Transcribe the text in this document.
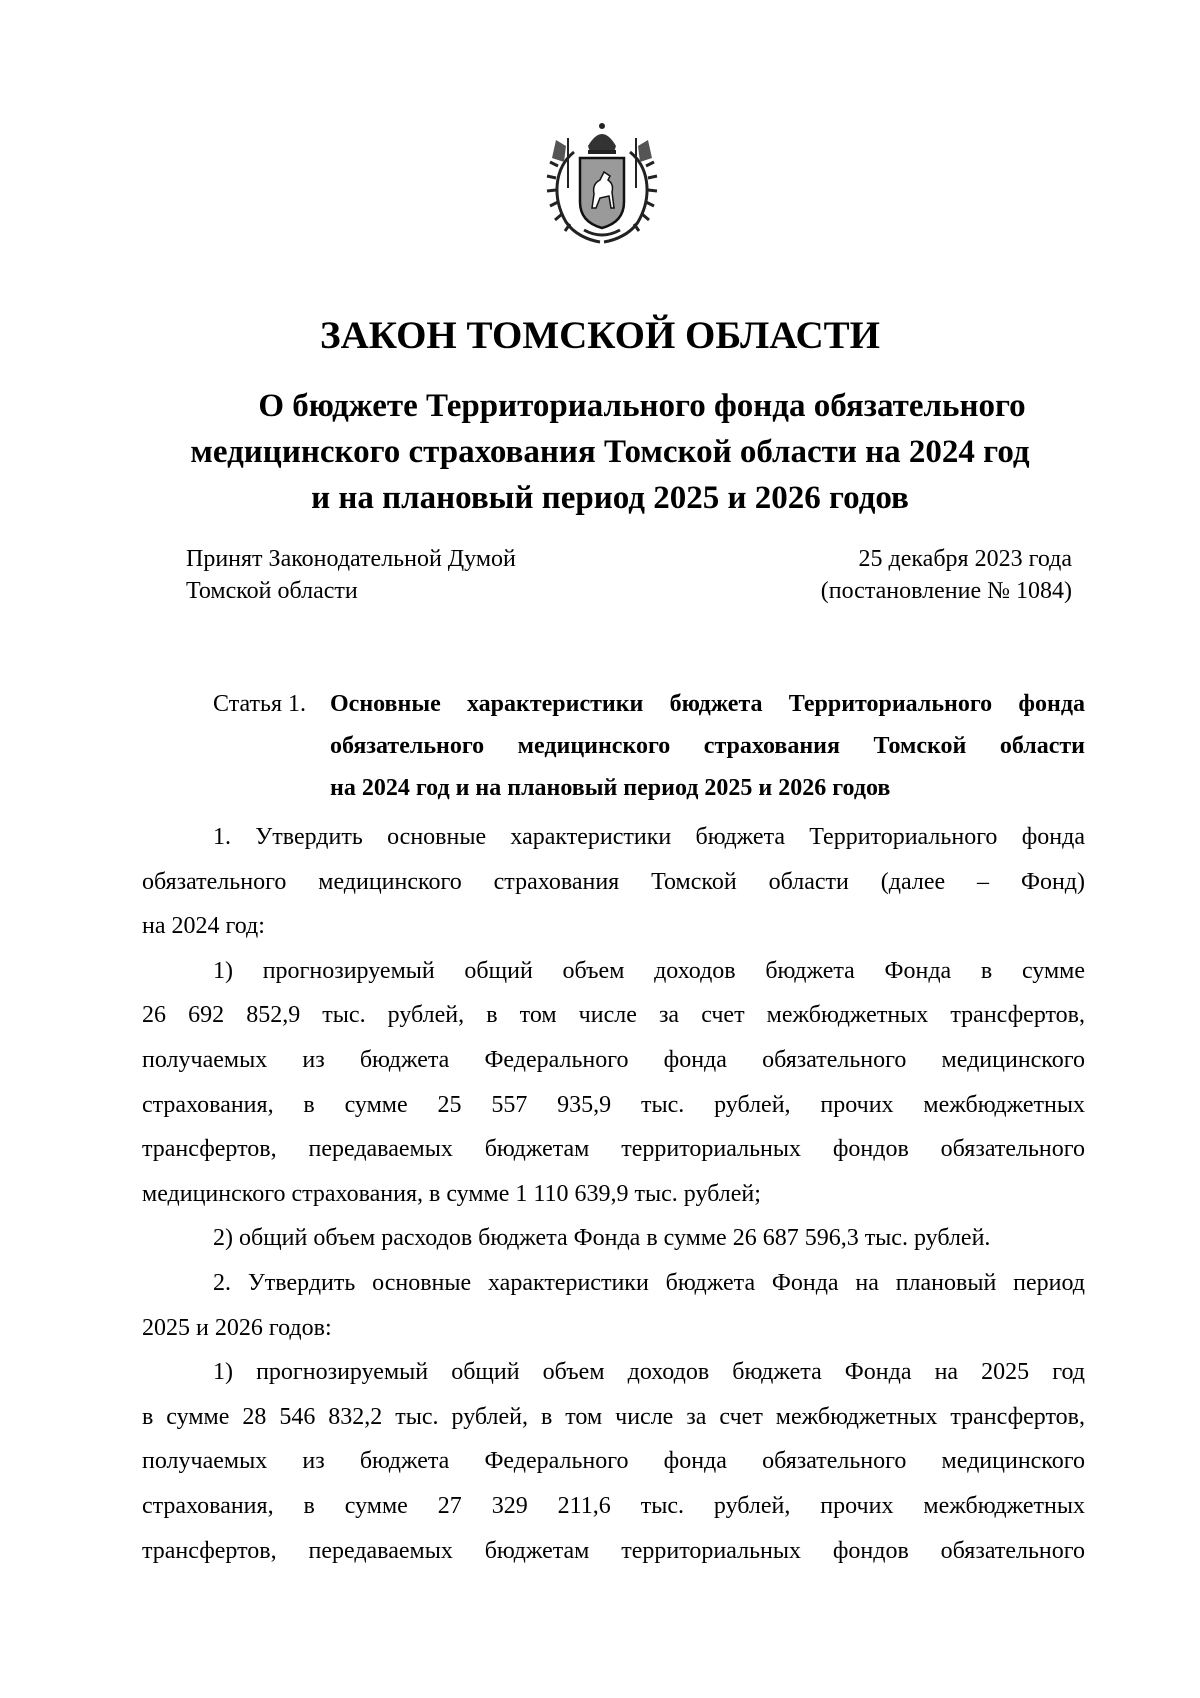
ЗАКОН ТОМСКОЙ ОБЛАСТИ
О бюджете Территориального фонда обязательного
медицинского страхования Томской области на 2024 год
и на плановый период 2025 и 2026 годов
Принят Законодательной Думой
Томской области
25 декабря 2023 года
(постановление № 1084)
Статья 1. Основные характеристики бюджета Территориального фонда
обязательного медицинского страхования Томской области
на 2024 год и на плановый период 2025 и 2026 годов
1. Утвердить основные характеристики бюджета Территориального фонда
обязательного медицинского страхования Томской области (далее – Фонд)
на 2024 год:
1) прогнозируемый общий объем доходов бюджета Фонда в сумме
26 692 852,9 тыс. рублей, в том числе за счет межбюджетных трансфертов,
получаемых из бюджета Федерального фонда обязательного медицинского
страхования, в сумме 25 557 935,9 тыс. рублей, прочих межбюджетных
трансфертов, передаваемых бюджетам территориальных фондов обязательного
медицинского страхования, в сумме 1 110 639,9 тыс. рублей;
2) общий объем расходов бюджета Фонда в сумме 26 687 596,3 тыс. рублей.
2. Утвердить основные характеристики бюджета Фонда на плановый период
2025 и 2026 годов:
1) прогнозируемый общий объем доходов бюджета Фонда на 2025 год
в сумме 28 546 832,2 тыс. рублей, в том числе за счет межбюджетных трансфертов,
получаемых из бюджета Федерального фонда обязательного медицинского
страхования, в сумме 27 329 211,6 тыс. рублей, прочих межбюджетных
трансфертов, передаваемых бюджетам территориальных фондов обязательного
